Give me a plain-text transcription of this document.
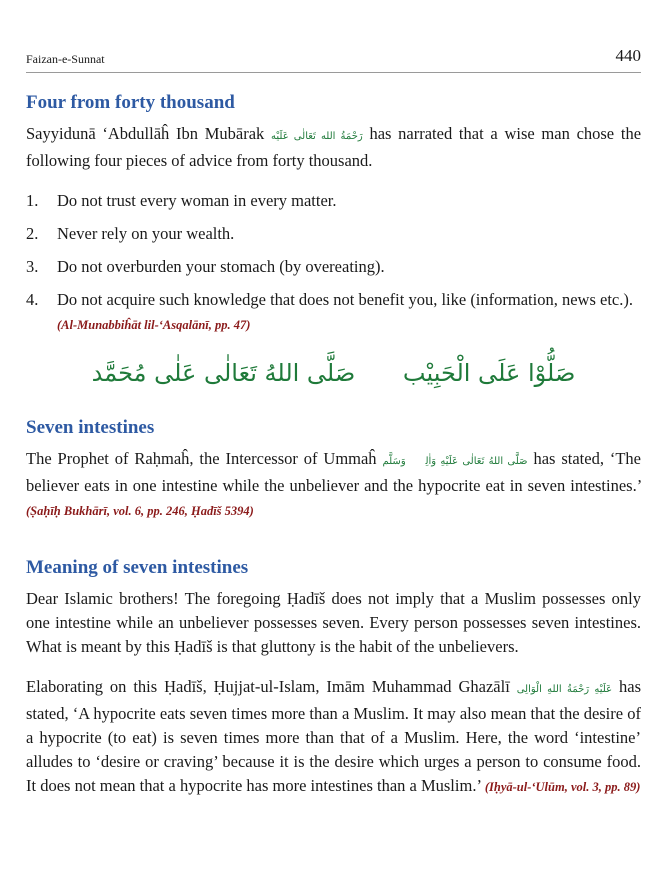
Faizan-e-Sunnat	440
Four from forty thousand

Sayyidunā ‘Abdullāĥ Ibn Mubārak رَحْمَةُ الله تَعَالٰی عَلَيْه has narrated that a wise man chose the following four pieces of advice from forty thousand.

1. Do not trust every woman in every matter.
2. Never rely on your wealth.
3. Do not overburden your stomach (by overeating).
4. Do not acquire such knowledge that does not benefit you, like (information, news etc.). (Al-Munabbiĥāt lil-‘Asqalānī, pp. 47)
صَلُّوْا عَلَى الْحَبِيْب صَلَّى اللهُ تَعَالٰى عَلٰى مُحَمَّد
Seven intestines

The Prophet of Raḥmaĥ, the Intercessor of Ummaĥ صَلَّى اللهُ تَعَالٰی عَلَيْهِ وَاٰلِهٖ وَسَلَّم has stated, ‘The believer eats in one intestine while the unbeliever and the hypocrite eat in seven intestines.’ (Ṣaḥīḥ Bukhārī, vol. 6, pp. 246, Ḥadīš 5394)

Meaning of seven intestines

Dear Islamic brothers! The foregoing Ḥadīš does not imply that a Muslim possesses only one intestine while an unbeliever possesses seven. Every person possesses seven intestines. What is meant by this Ḥadīš is that gluttony is the habit of the unbelievers.

Elaborating on this Ḥadīš, Ḥujjat-ul-Islam, Imām Muhammad Ghazālī عَلَيْهِ رَحْمَةُ اللهِ الْوَالِى has stated, ‘A hypocrite eats seven times more than a Muslim. It may also mean that the desire of a hypocrite (to eat) is seven times more than that of a Muslim. Here, the word ‘intestine’ alludes to ‘desire or craving’ because it is the desire which urges a person to consume food. It does not mean that a hypocrite has more intestines than a Muslim.’ (Iḥyā-ul-‘Ulūm, vol. 3, pp. 89)
